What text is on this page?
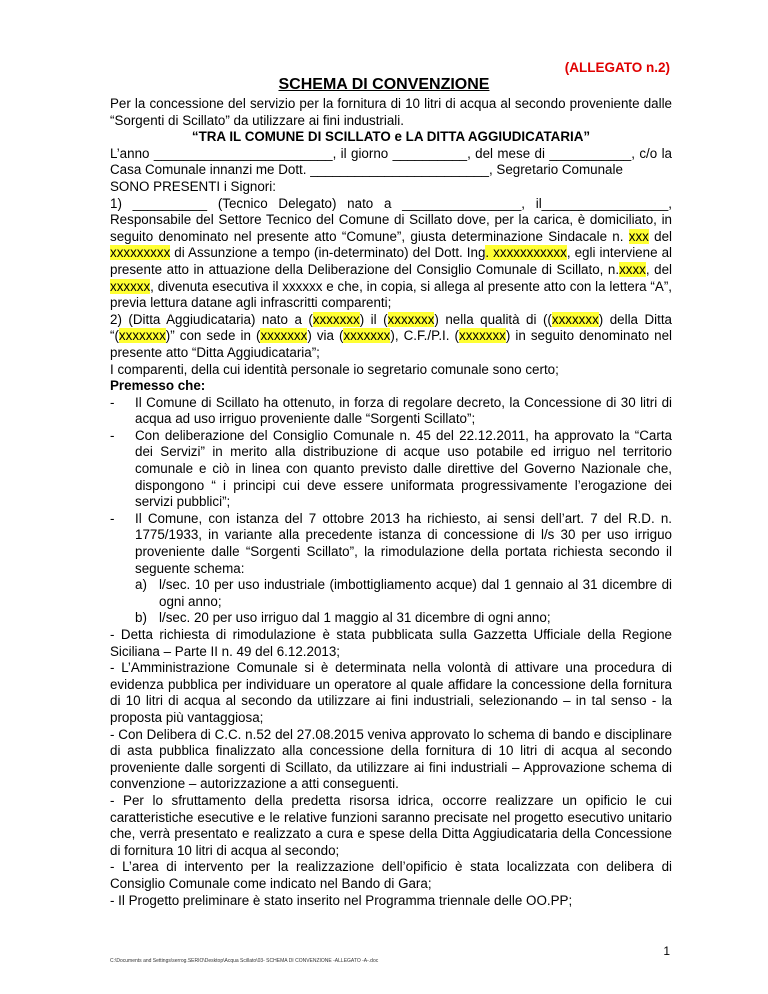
(ALLEGATO n.2)
SCHEMA DI CONVENZIONE

Per la concessione del servizio per la fornitura di 10 litri di acqua al secondo proveniente dalle “Sorgenti di Scillato” da utilizzare ai fini industriali.

“TRA IL COMUNE DI SCILLATO e LA DITTA AGGIUDICATARIA”

L’anno ________________________, il giorno __________, del mese di ___________, c/o la Casa Comunale innanzi me Dott. ________________________, Segretario Comunale

SONO PRESENTI i Signori:

1) __________ (Tecnico Delegato) nato a ________________, il_________________, Responsabile del Settore Tecnico del Comune di Scillato dove, per la carica, è domiciliato, in seguito denominato nel presente atto “Comune”, giusta determinazione Sindacale n. xxx del xxxxxxxxx di Assunzione a tempo (in-determinato) del Dott. Ing. xxxxxxxxxxx, egli interviene al presente atto in attuazione della Deliberazione del Consiglio Comunale di Scillato, n.xxxx, del xxxxxx, divenuta esecutiva il xxxxxx e che, in copia, si allega al presente atto con la lettera “A”, previa lettura datane agli infrascritti comparenti;

2) (Ditta Aggiudicataria) nato a (xxxxxxx) il (xxxxxxx) nella qualità di ((xxxxxxx) della Ditta “(xxxxxxx)” con sede in (xxxxxxx) via (xxxxxxx), C.F./P.I. (xxxxxxx) in seguito denominato nel presente atto “Ditta Aggiudicataria”;

I comparenti, della cui identità personale io segretario comunale sono certo;

Premesso che:

-	Il Comune di Scillato ha ottenuto, in forza di regolare decreto, la Concessione di 30 litri di acqua ad uso irriguo proveniente dalle “Sorgenti Scillato”;
-	Con deliberazione del Consiglio Comunale n. 45 del 22.12.2011, ha approvato la “Carta dei Servizi” in merito alla distribuzione di acque uso potabile ed irriguo nel territorio comunale e ciò in linea con quanto previsto dalle direttive del Governo Nazionale che, dispongono “ i principi cui deve essere uniformata progressivamente l’erogazione dei servizi pubblici”;
-	Il Comune, con istanza del 7 ottobre 2013 ha richiesto, ai sensi dell’art. 7 del R.D. n. 1775/1933, in variante alla precedente istanza di concessione di l/s 30 per uso irriguo proveniente dalle “Sorgenti Scillato”, la rimodulazione della portata richiesta secondo il seguente schema:
a) l/sec. 10 per uso industriale (imbottigliamento acque) dal 1 gennaio al 31 dicembre di ogni anno;
b) l/sec. 20 per uso irriguo dal 1 maggio al 31 dicembre di ogni anno;

- Detta richiesta di rimodulazione è stata pubblicata sulla Gazzetta Ufficiale della Regione Siciliana – Parte II n. 49 del 6.12.2013;

- L’Amministrazione Comunale si è determinata nella volontà di attivare una procedura di evidenza pubblica per individuare un operatore al quale affidare la concessione della fornitura di 10 litri di acqua al secondo da utilizzare ai fini industriali, selezionando – in tal senso - la proposta più vantaggiosa;

- Con Delibera di C.C. n.52 del 27.08.2015 veniva approvato lo schema di bando e disciplinare di asta pubblica finalizzato alla concessione della fornitura di 10 litri di acqua al secondo proveniente dalle sorgenti di Scillato, da utilizzare ai fini industriali – Approvazione schema di convenzione – autorizzazione a atti conseguenti.

- Per lo sfruttamento della predetta risorsa idrica, occorre realizzare un opificio le cui caratteristiche esecutive e le relative funzioni saranno precisate nel progetto esecutivo unitario che, verrà presentato e realizzato a cura e spese della Ditta Aggiudicataria della Concessione di fornitura 10 litri di acqua al secondo;

- L’area di intervento per la realizzazione dell’opificio è stata localizzata con delibera di Consiglio Comunale come indicato nel Bando di Gara;

- Il Progetto preliminare è stato inserito nel Programma triennale delle OO.PP;

1
C:\Documents and Settings\serrog.SERIO\Desktop\Acqua Scillato\03- SCHEMA DI CONVENZIONE -ALLEGATO -A-.doc
